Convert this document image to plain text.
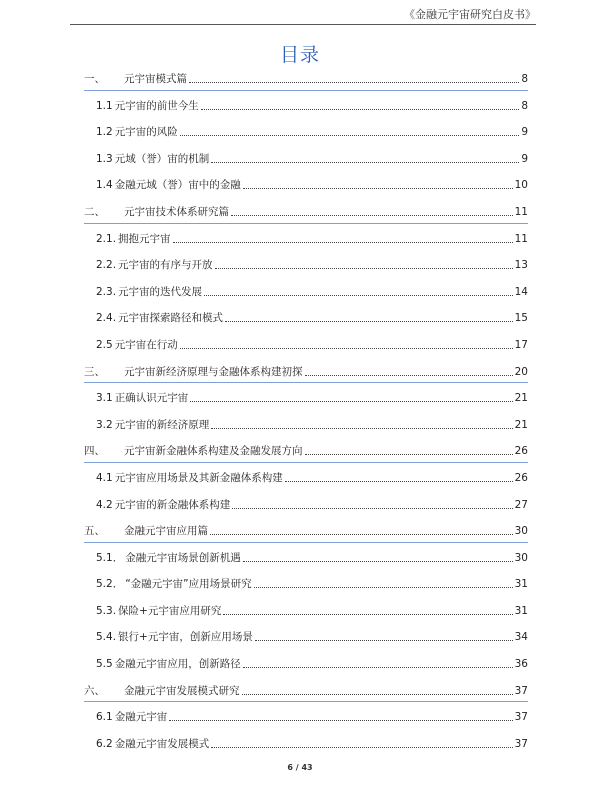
《金融元宇宙研究白皮书》
目录
一、	元宇宙模式篇	8
1.1 元宇宙的前世今生	8
1.2 元宇宙的风险	9
1.3 元域（誉）宙的机制	9
1.4 金融元域（誉）宙中的金融	10
二、	元宇宙技术体系研究篇	11
2.1. 拥抱元宇宙	11
2.2. 元宇宙的有序与开放	13
2.3. 元宇宙的迭代发展	14
2.4. 元宇宙探索路径和模式	15
2.5 元宇宙在行动	17
三、	元宇宙新经济原理与金融体系构建初探	20
3.1 正确认识元宇宙	21
3.2 元宇宙的新经济原理	21
四、	元宇宙新金融体系构建及金融发展方向	26
4.1 元宇宙应用场景及其新金融体系构建	26
4.2 元宇宙的新金融体系构建	27
五、	金融元宇宙应用篇	30
5.1． 金融元宇宙场景创新机遇	30
5.2． “金融元宇宙”应用场景研究	31
5.3. 保险+元宇宙应用研究	31
5.4. 银行+元宇宙，创新应用场景	34
5.5 金融元宇宙应用，创新路径	36
六、	金融元宇宙发展模式研究	37
6.1 金融元宇宙	37
6.2 金融元宇宙发展模式	37
6 / 43
